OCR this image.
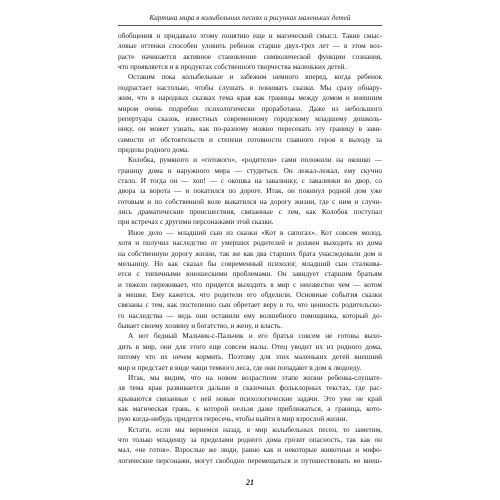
Картина мира в колыбельных песнях и рисунках маленьких детей
обобщения и придавало этому понятию еще и магический смысл. Такие смыс-
ловые оттенки способен уловить ребенок старше двух-трех лет — в этом воз-
расте начинается активное становление символической функции сознания,
что проявляется и в продуктах собственного творчества маленьких детей.
Оставим пока колыбельные и забежим немного вперед, когда ребенок
подрастает настолько, чтобы слушать и понимать сказки. Мы сразу обнару-
жим, что в народных сказках тема края как границы между домом и внешним
миром очень подробно психологически проработана. Даже из небольшого
репертуара сказок, известных современному городскому младшему дошколь-
нику, он может узнать, как по-разному можно пересекать эту границу в зави-
симости от обстоятельств и степени готовности главного героя к выходу за
пределы родного дома.
Колобка, румяного и «готового», «родители» сами положили на окошко —
границу дома и наружного мира — студиться. Он лежал-лежал, ему скучно
стало. И тогда он — хоп! — с окошка на завалинку, с завалинки во двор, со
двора за ворота — и покатился по дороге. Итак, он покинул родной дом уже
готовым и по собственной воле выкатился на дорогу жизни, где с ним и случи-
лись драматические происшествия, связанные с тем, как Колобок поступал
при встречах с другими персонажами этой сказки.
Иное дело — младший сын из сказки «Кот в сапогах». Кот совсем молод,
хотя и получил наследство от умерших родителей и должен выходить из дома
на собственную дорогу жизни, так же как два старших брата унаследовали дом и
мельницу. Но как сказал бы современный психолог, младший сын сталкива-
ется с типичными юношескими проблемами. Он завидует старшим братьям
и тяжело переживает, что придется выходить в мир с неизвестно чем — котом
в мешке. Ему кажется, что родители его обделили. Основные события сказки
связаны с тем, как постепенно сын обретает веру в то, что ценность родительско-
го наследства — ведь они оставили ему волшебного помощника, который до-
бывает своему хозяину и богатство, и жену, и власть.
А вот бедный Мальчик-с-Пальчик и его братья совсем не готовы выхо-
дить в мир, они для этого еще совсем малы. Отец уводит их из родного дома,
потому что их нечем кормить. Поэтому для этих маленьких детей внешний
мир и предстает в виде чащи темного леса, где они попадают в дом к людоеду.
Итак, мы видим, что на новом возрастном этапе жизни ребенка-слушате-
ля тема края развивается дальше в сказочных фольклорных текстах, где рас-
крываются связанные с ней новые психологические задачи. Это уже не край
как магическая грань, к которой нельзя даже приближаться, а граница, кото-
рую когда-нибудь придется пересечь, чтобы выйти в мир взрослой жизни.
Кстати, если мы вернемся назад, в мир колыбельных песен, то заметим,
что только младенцу за пределами родного дома грозит опасность, так как он
мал, «не готов». Взрослые же люди, равно как и некоторые животные и мифо-
логические персонажи, могут свободно перемещаться и путешествовать во внеш-
21
